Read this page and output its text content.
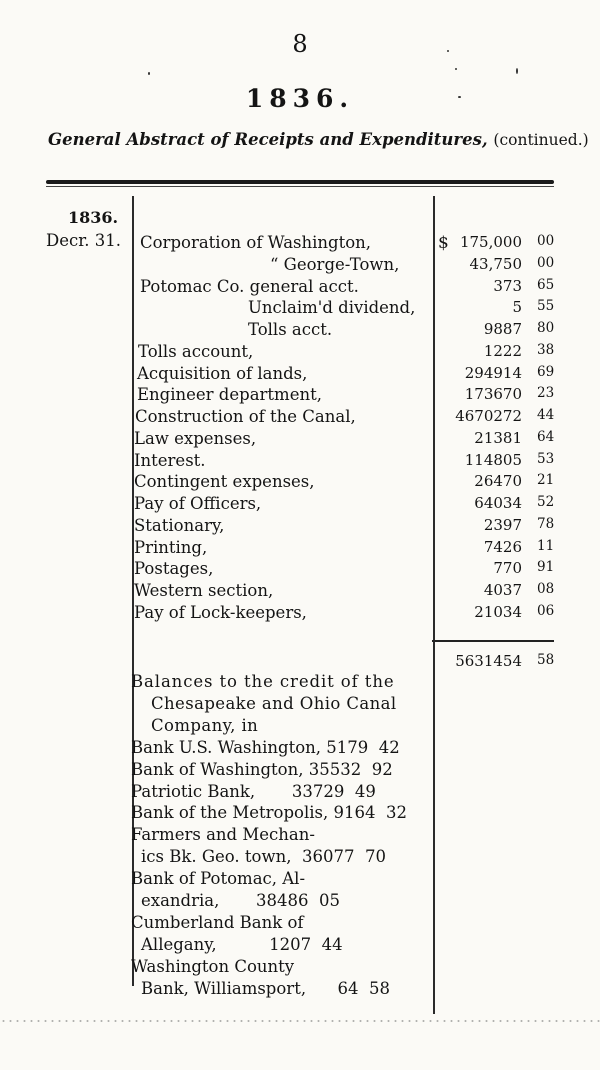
8
1836.
General Abstract of Receipts and Expenditures, (continued.)
1836.
Decr. 31. Corporation of Washington,	$ 175,000 00
“ George-Town,	43,750 00
Potomac Co. general acct.	373 65
Unclaim'd dividend,	5 55
Tolls acct.	9887 80
Tolls account,	1222 38
Acquisition of lands,	294914 69
Engineer department,	173670 23
Construction of the Canal,	4670272 44
Law expenses,	21381 64
Interest.	114805 53
Contingent expenses,	26470 21
Pay of Officers,	64034 52
Stationary,	2397 78
Printing,	7426 11
Postages,	770 91
Western section,	4037 08
Pay of Lock-keepers,	21034 06
5631454 58
Balances to the credit of the
Chesapeake and Ohio Canal
Company, in
Bank U.S. Washington, 5179  42
Bank of Washington, 35532  92
Patriotic Bank,       33729  49
Bank of the Metropolis, 9164  32
Farmers and Mechan-
ics Bk. Geo. town,  36077  70
Bank of Potomac, Al-
exandria,       38486  05
Cumberland Bank of
Allegany,          1207  44
Washington County
Bank, Williamsport,      64  58
